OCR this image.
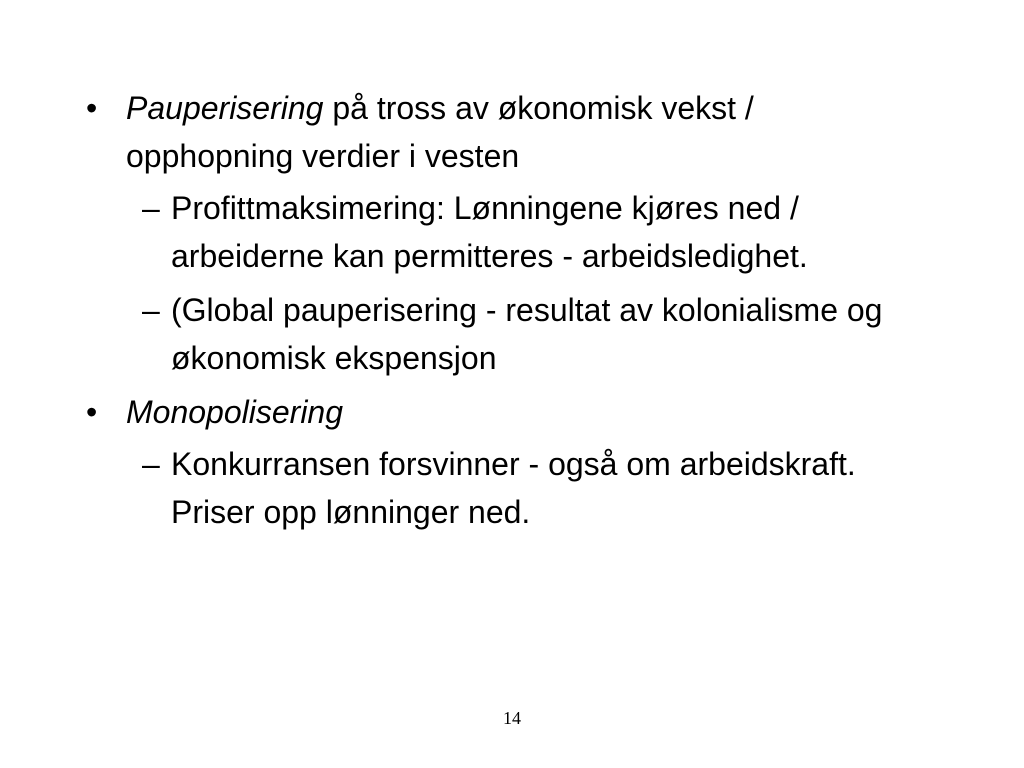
• Pauperisering på tross av økonomisk vekst / opphopning verdier i vesten

– Profittmaksimering: Lønningene kjøres ned / arbeiderne kan permitteres - arbeidsledighet.

– (Global pauperisering - resultat av kolonialisme og økonomisk ekspensjon

• Monopolisering

– Konkurransen forsvinner - også om arbeidskraft. Priser opp lønninger ned.

14
